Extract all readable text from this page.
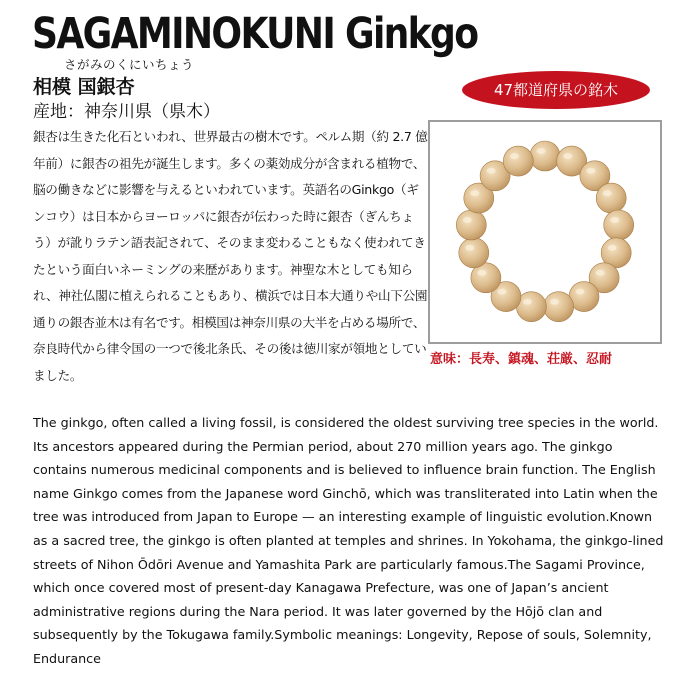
SAGAMINOKUNI Ginkgo
さがみのくにいちょう
相模 国銀杏
産地：神奈川県（県木）

銀杏は生きた化石といわれ、世界最古の樹木です。ペルム期（約 2.7 億年前）に銀杏の祖先が誕生します。多くの薬効成分が含まれる植物で、脳の働きなどに影響を与えるといわれています。英語名のGinkgo（ギンコウ）は日本からヨーロッパに銀杏が伝わった時に銀杏（ぎんちょう）が訛りラテン語表記されて、そのまま変わることもなく使われてきたという面白いネーミングの来歴があります。神聖な木としても知られ、神社仏閣に植えられることもあり、横浜では日本大通りや山下公園通りの銀杏並木は有名です。相模国は神奈川県の大半を占める場所で、奈良時代から律令国の一つで後北条氏、その後は徳川家が領地としていました。

47都道府県の銘木
意味：長寿、鎮魂、荘厳、忍耐

The ginkgo, often called a living fossil, is considered the oldest surviving tree species in the world. Its ancestors appeared during the Permian period, about 270 million years ago. The ginkgo contains numerous medicinal components and is believed to influence brain function. The English name Ginkgo comes from the Japanese word Ginchō, which was transliterated into Latin when the tree was introduced from Japan to Europe — an interesting example of linguistic evolution.Known as a sacred tree, the ginkgo is often planted at temples and shrines. In Yokohama, the ginkgo-lined streets of Nihon Ōdōri Avenue and Yamashita Park are particularly famous.The Sagami Province, which once covered most of present-day Kanagawa Prefecture, was one of Japan’s ancient administrative regions during the Nara period. It was later governed by the Hōjō clan and subsequently by the Tokugawa family.Symbolic meanings: Longevity, Repose of souls, Solemnity, Endurance
